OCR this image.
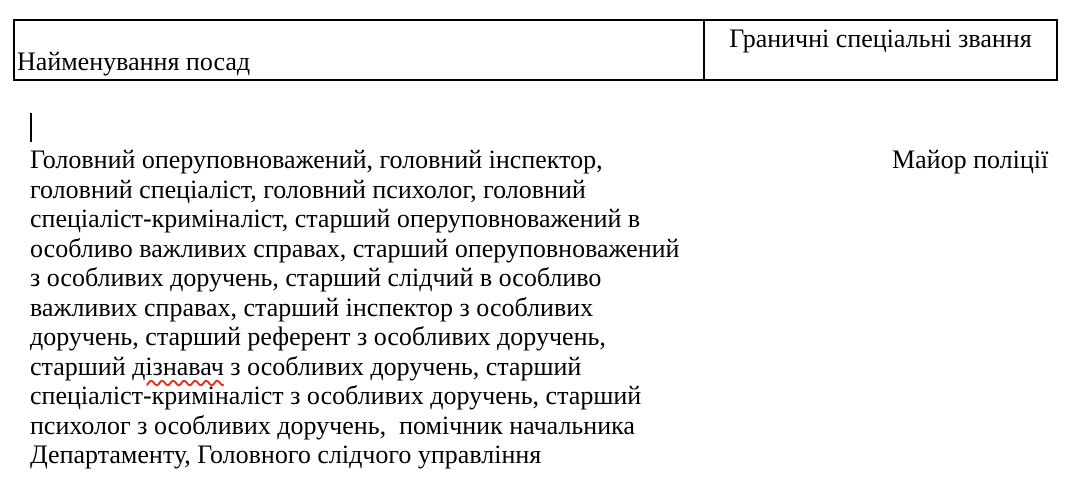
Найменування посад
Граничні спеціальні звання
Головний оперуповноважений, головний інспектор,
головний спеціаліст, головний психолог, головний
спеціаліст-криміналіст, старший оперуповноважений в
особливо важливих справах, старший оперуповноважений
з особливих доручень, старший слідчий в особливо
важливих справах, старший інспектор з особливих
доручень, старший референт з особливих доручень,
старший дізнавач з особливих доручень, старший
спеціаліст-криміналіст з особливих доручень, старший
психолог з особливих доручень,  помічник начальника
Департаменту, Головного слідчого управління
Майор поліції
